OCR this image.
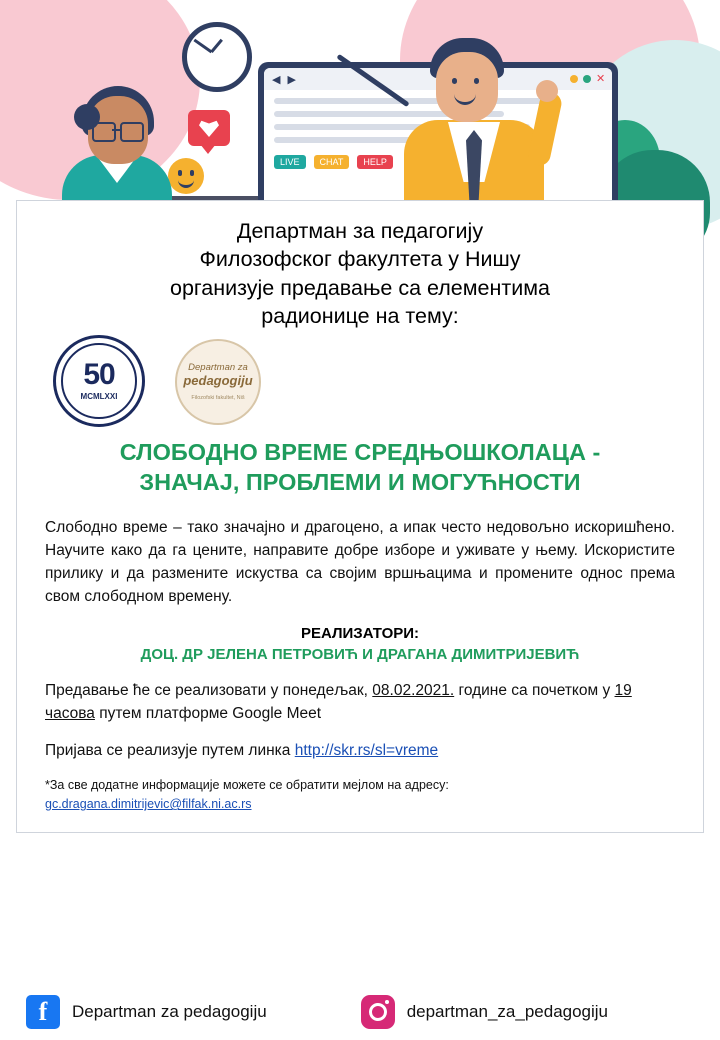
◀ ▶	✕
LIVE	CHAT	HELP
Департман за педагогију
Филозофског факултета у Нишу
организује предавање са елементима
радионице на тему:
50
MCMLXXI
Departman za
pedagogiju
Filozofski fakultet, Niš
СЛОБОДНО ВРЕМЕ СРЕДЊОШКОЛАЦА -
ЗНАЧАЈ, ПРОБЛЕМИ И МОГУЋНОСТИ
Слободно време – тако значајно и драгоцено, а ипак често недовољно искоришћено. Научите како да га цените, направите добре изборе и уживате у њему. Искористите прилику и да разменитe искуства са својим вршњацима и промените однос према свом слободном времену.
РЕАЛИЗАТОРИ:
ДОЦ. ДР ЈЕЛЕНА ПЕТРОВИЋ И ДРАГАНА ДИМИТРИЈЕВИЋ
Предавање ће се реализовати у понедељак, 08.02.2021. године са почетком у 19 часова путем платформе Google Meet
Пријава се реализује путем линка http://skr.rs/sl=vreme
*За све додатне информације можете се обратити мејлом на адресу:
gc.dragana.dimitrijevic@filfak.ni.ac.rs
f	Departman za pedagogiju	departman_za_pedagogiju
